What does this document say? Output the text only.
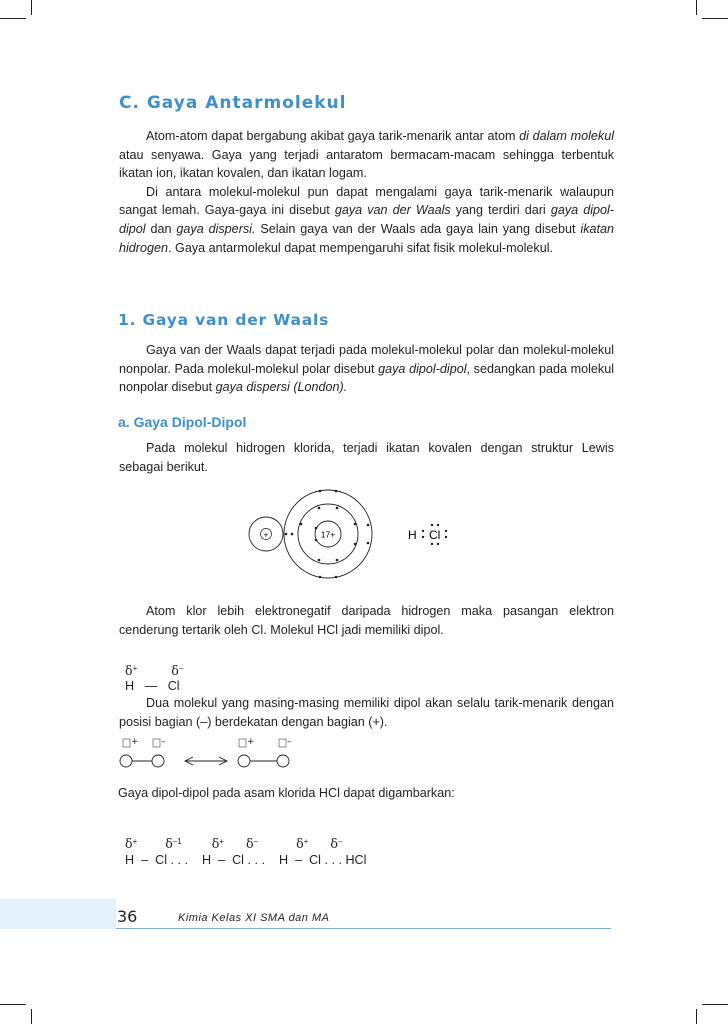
C. Gaya Antarmolekul

Atom-atom dapat bergabung akibat gaya tarik-menarik antar atom di dalam molekul atau senyawa. Gaya yang terjadi antaratom bermacam-macam sehingga terbentuk ikatan ion, ikatan kovalen, dan ikatan logam.
Di antara molekul-molekul pun dapat mengalami gaya tarik-menarik walaupun sangat lemah. Gaya-gaya ini disebut gaya van der Waals yang terdiri dari gaya dipol-dipol dan gaya dispersi. Selain gaya van der Waals ada gaya lain yang disebut ikatan hidrogen. Gaya antarmolekul dapat mempengaruhi sifat fisik molekul-molekul.

1. Gaya van der Waals

Gaya van der Waals dapat terjadi pada molekul-molekul polar dan molekul-molekul nonpolar. Pada molekul-molekul polar disebut gaya dipol-dipol, sedangkan pada molekul nonpolar disebut gaya dispersi (London).

a. Gaya Dipol-Dipol

Pada molekul hidrogen klorida, terjadi ikatan kovalen dengan struktur Lewis sebagai berikut.

+	17+	H Cl

Atom klor lebih elektronegatif daripada hidrogen maka pasangan elektron cenderung tertarik oleh Cl. Molekul HCl jadi memiliki dipol.

δ+	δ–

H — Cl

Dua molekul yang masing-masing memiliki dipol akan selalu tarik-menarik dengan posisi bagian (–) berdekatan dengan bagian (+).

+ –	+	–
Gaya dipol-dipol pada asam klorida HCl dapat digambarkan:

δ+ $\delta^{-1}$ δ+ δ–	δ+ δ–

H  –  Cl . . . H  –  Cl . . . H  –  Cl . . . HCl

36	Kimia Kelas XI SMA dan MA
